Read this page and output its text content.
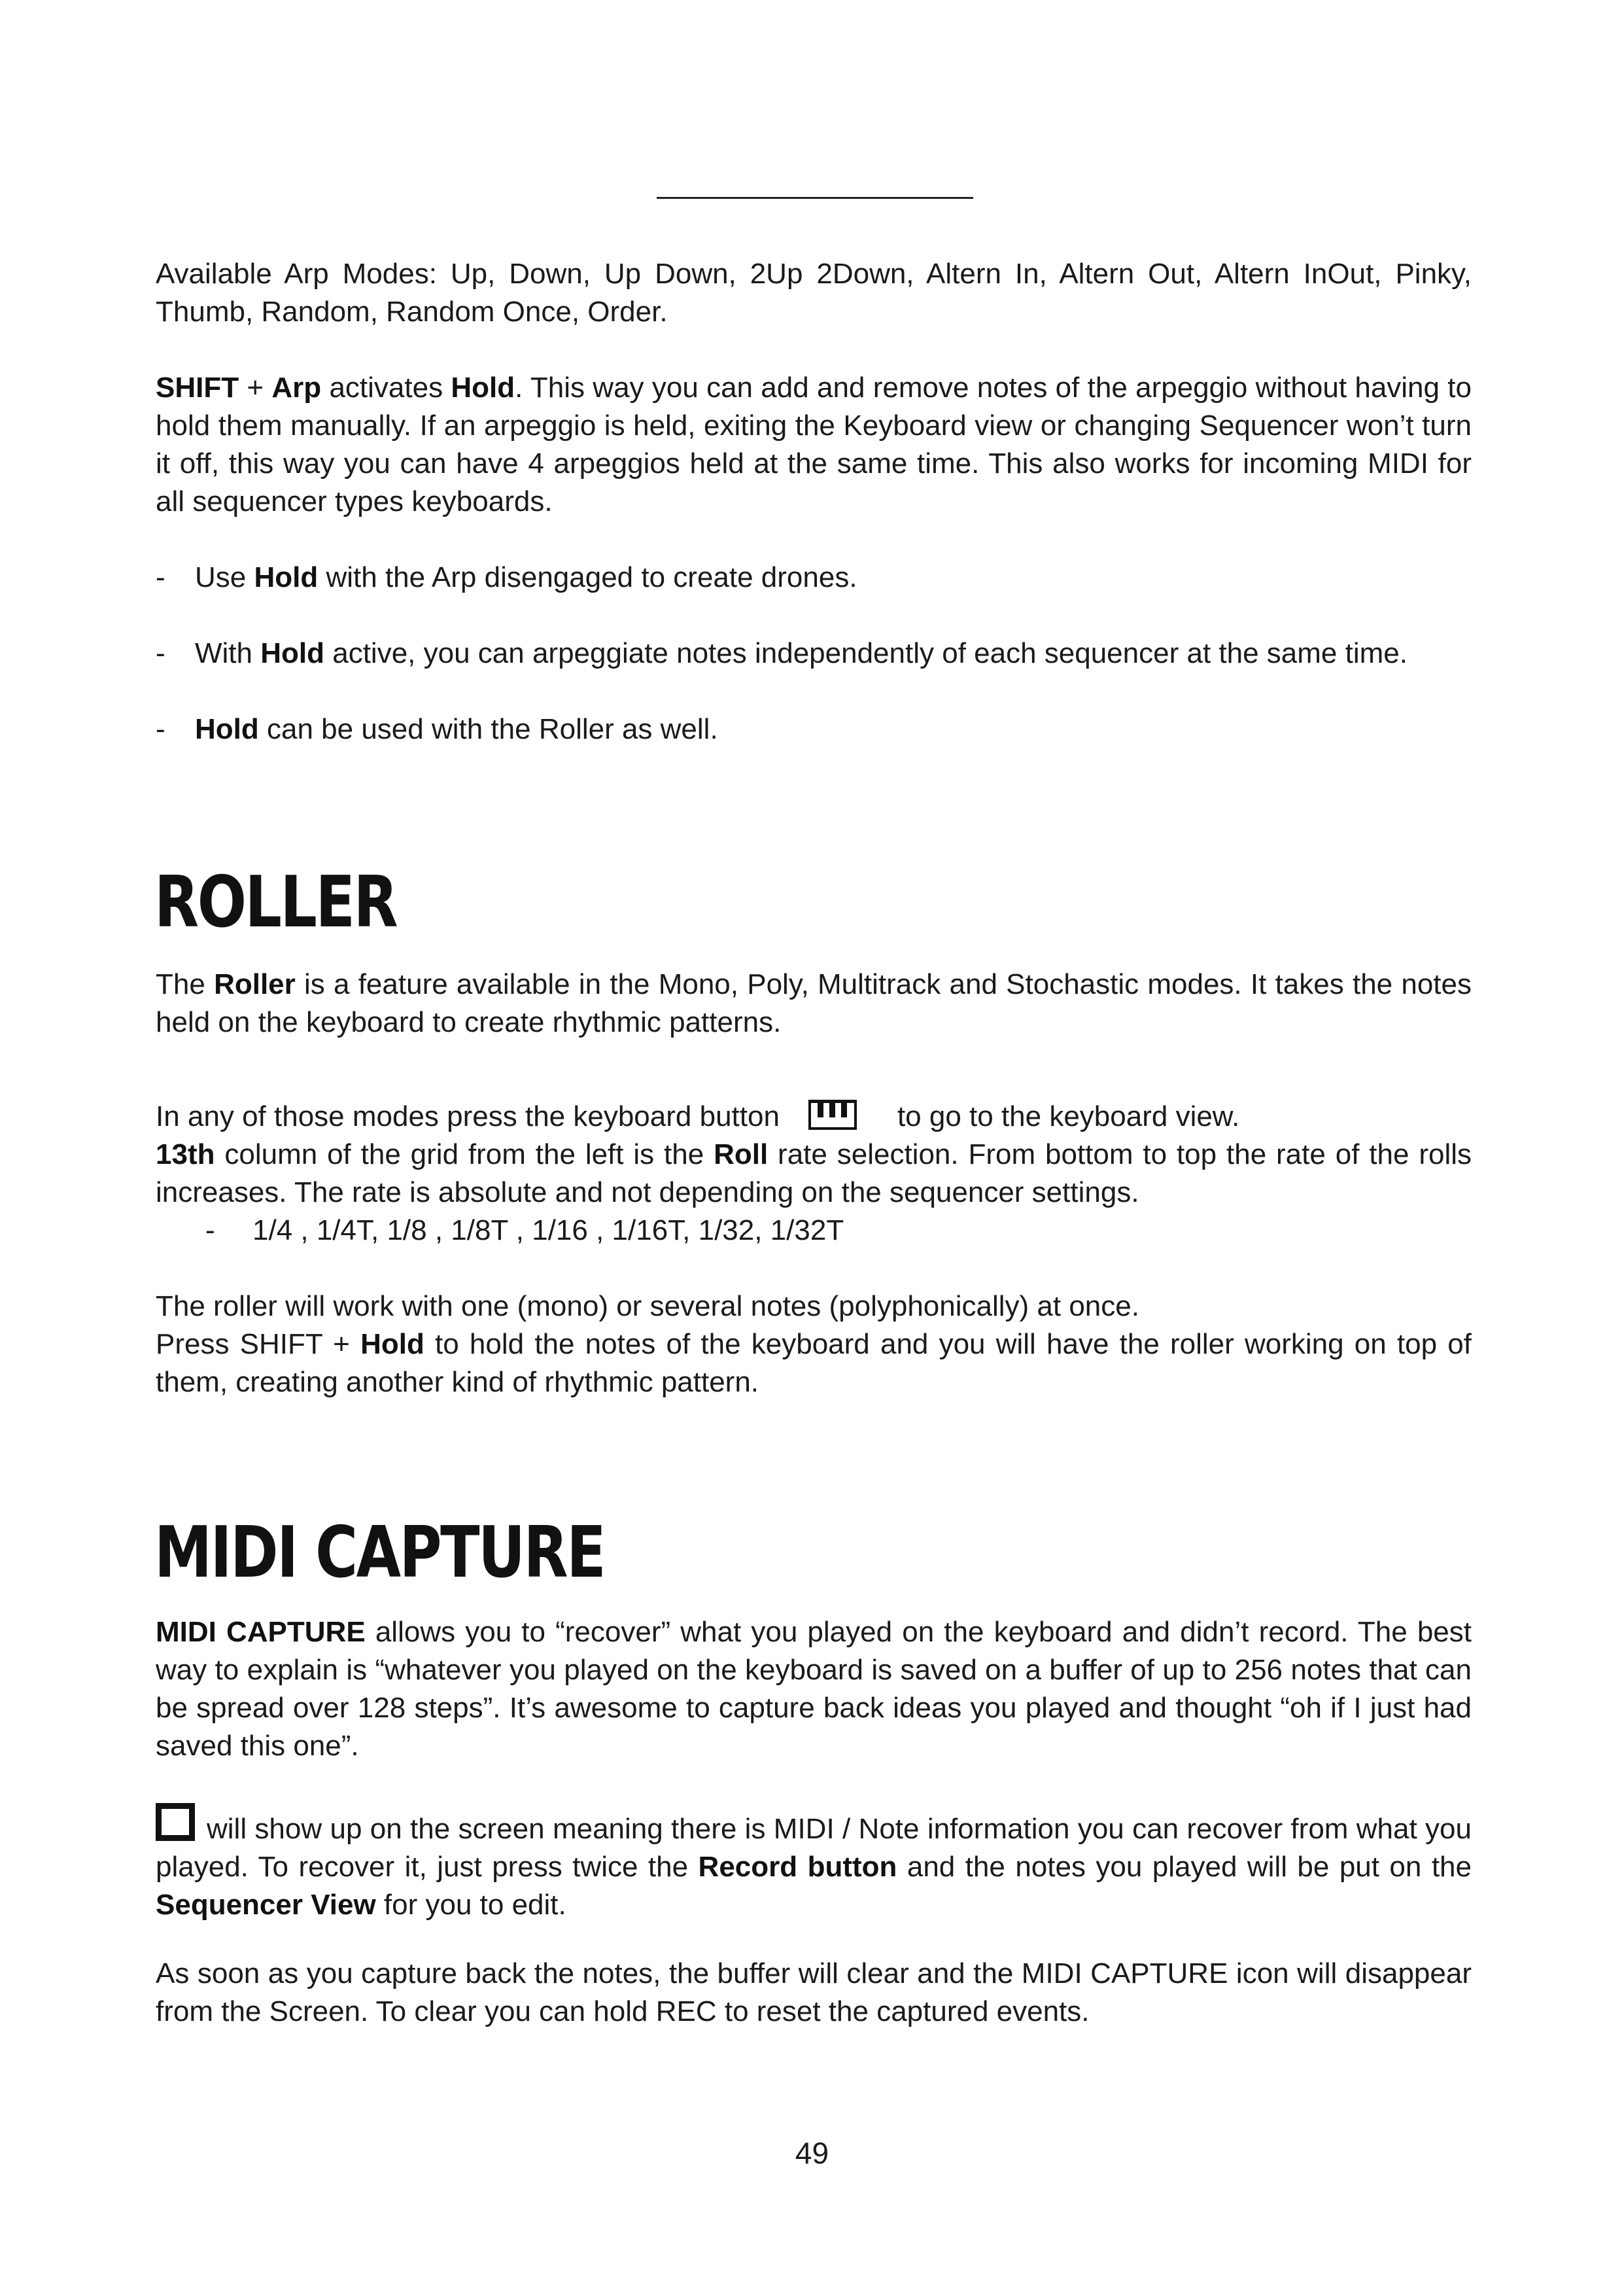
Available Arp Modes: Up, Down, Up Down, 2Up 2Down, Altern In, Altern Out, Altern InOut, Pinky, Thumb, Random, Random Once, Order.

SHIFT + Arp activates Hold. This way you can add and remove notes of the arpeggio without having to hold them manually. If an arpeggio is held, exiting the Keyboard view or changing Sequencer won’t turn it off, this way you can have 4 arpeggios held at the same time. This also works for incoming MIDI for all sequencer types keyboards.

- Use Hold with the Arp disengaged to create drones.
- With Hold active, you can arpeggiate notes independently of each sequencer at the same time.
- Hold can be used with the Roller as well.
ROLLER

The Roller is a feature available in the Mono, Poly, Multitrack and Stochastic modes. It takes the notes held on the keyboard to create rhythmic patterns.

In any of those modes press the keyboard button	to go to the keyboard view.

13th column of the grid from the left is the Roll rate selection. From bottom to top the rate of the rolls increases. The rate is absolute and not depending on the sequencer settings.

- 1/4 , 1/4T, 1/8 , 1/8T , 1/16 , 1/16T, 1/32, 1/32T

The roller will work with one (mono) or several notes (polyphonically) at once.

Press SHIFT + Hold to hold the notes of the keyboard and you will have the roller working on top of them, creating another kind of rhythmic pattern.

MIDI CAPTURE

MIDI CAPTURE allows you to “recover” what you played on the keyboard and didn’t record. The best way to explain is “whatever you played on the keyboard is saved on a buffer of up to 256 notes that can be spread over 128 steps”. It’s awesome to capture back ideas you played and thought “oh if I just had saved this one”.

will show up on the screen meaning there is MIDI / Note information you can recover from what you played. To recover it, just press twice the Record button and the notes you played will be put on the Sequencer View for you to edit.

As soon as you capture back the notes, the buffer will clear and the MIDI CAPTURE icon will disappear from the Screen. To clear you can hold REC to reset the captured events.

49
